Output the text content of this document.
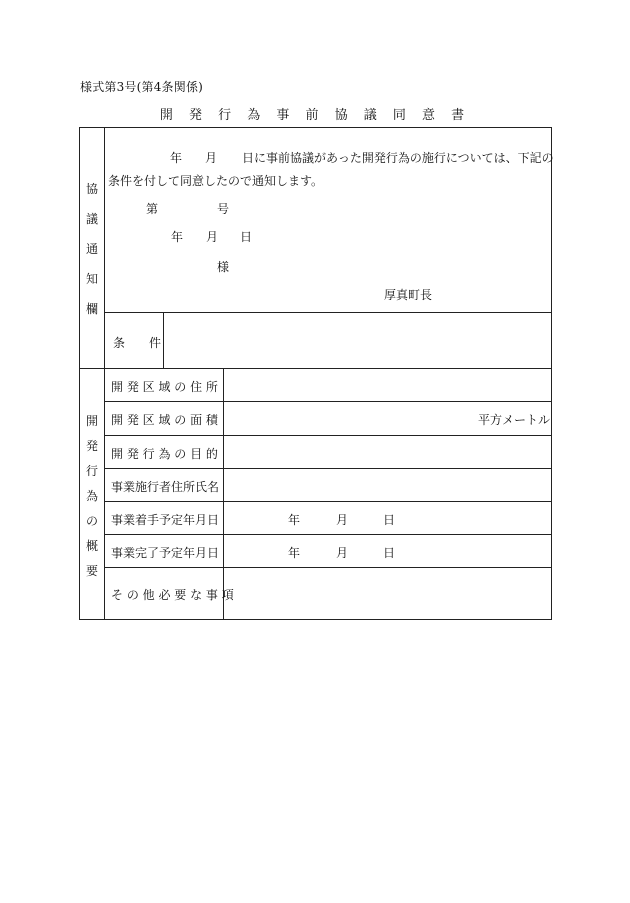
様式第3号(第4条関係)
開 発 行 為 事 前 協 議 同 意 書
協
議
通
知
欄
年 月 日に事前協議があった開発行為の施行については、下記の
条件を付して同意したので通知します。
第	号
年 月 日
様
厚真町長
条　　件
開
発
行
為
の
概
要
開 発 区 域 の 住 所
開 発 区 域 の 面 積	平方メートル
開 発 行 為 の 目 的
事業施行者住所氏名
事業着手予定年月日	年	月	日
事業完了予定年月日	年	月	日
そ の 他 必 要 な 事 項
